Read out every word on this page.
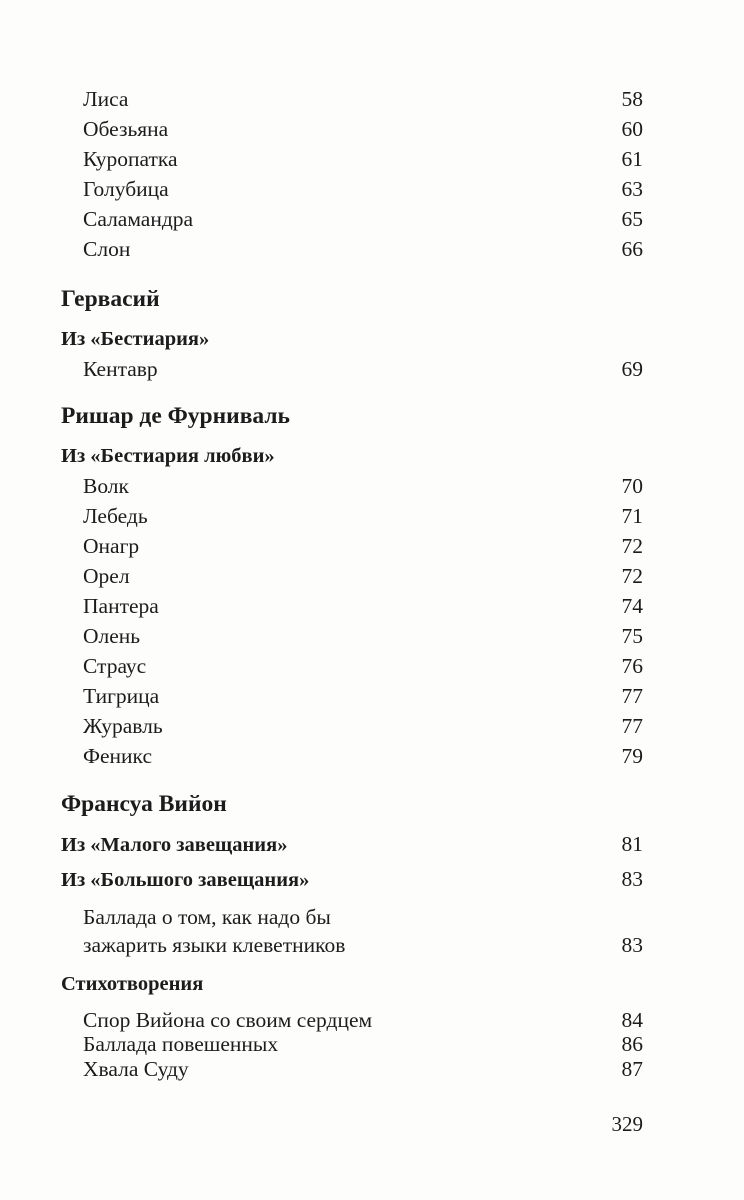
Лиса	58
Обезьяна	60
Куропатка	61
Голубица	63
Саламандра	65
Слон	66
Гервасий
Из «Бестиария»
Кентавр	69
Ришар де Фурниваль
Из «Бестиария любви»
Волк	70
Лебедь	71
Онагр	72
Орел	72
Пантера	74
Олень	75
Страус	76
Тигрица	77
Журавль	77
Феникс	79
Франсуа Вийон
Из «Малого завещания»	81
Из «Большого завещания»	83
Баллада о том, как надо бы
зажарить языки клеветников	83
Стихотворения
Спор Вийона со своим сердцем	84
Баллада повешенных	86
Хвала Суду	87
329
